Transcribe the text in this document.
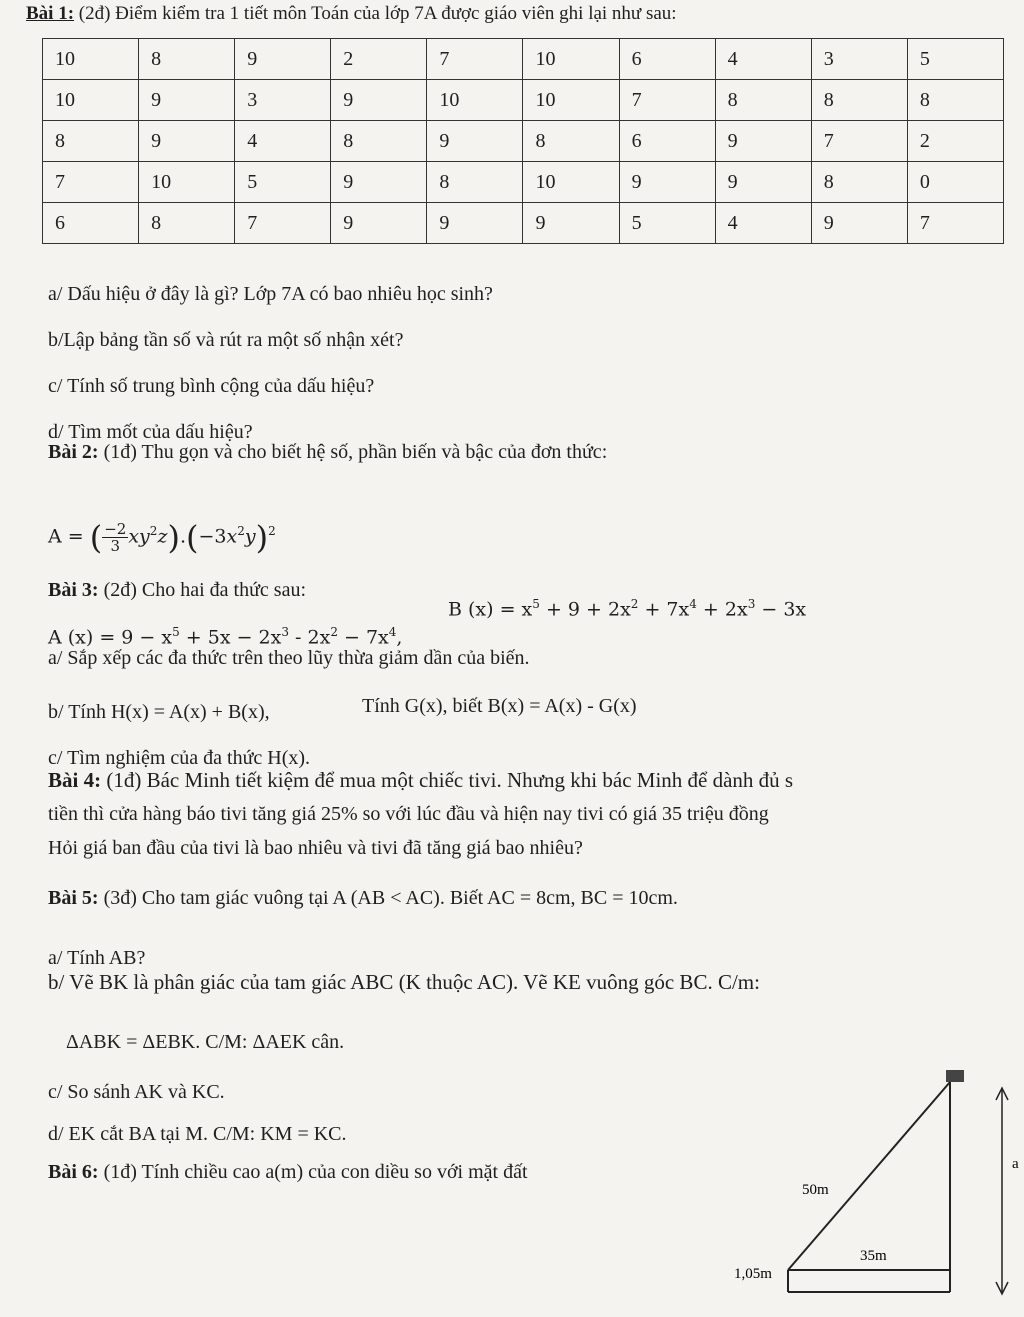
Bài 1: (2đ) Điểm kiểm tra 1 tiết môn Toán của lớp 7A được giáo viên ghi lại như sau:
10	8	9	2	7	10	6	4	3	5
10	9	3	9	10	10	7	8	8	8
8	9	4	8	9	8	6	9	7	2
7	10	5	9	8	10	9	9	8	0
6	8	7	9	9	9	5	4	9	7
a/ Dấu hiệu ở đây là gì? Lớp 7A có bao nhiêu học sinh?
b/Lập bảng tần số và rút ra một số nhận xét?
c/ Tính số trung bình cộng của dấu hiệu?
d/ Tìm mốt của dấu hiệu?
Bài 2: (1đ) Thu gọn và cho biết hệ số, phần biến và bậc của đơn thức:
A = ( $\frac{-2}{3} xy^2z).(-3x^2y)^2$
Bài 3: (2đ) Cho hai đa thức sau:
A $(x) = 9 - x^5 + 5x - 2x^3 - 2x^2 - 7x^4$,
B $(x) = x^5 + 9 + 2x^2 + 7x^4 + 2x^3 - 3x$
a/ Sắp xếp các đa thức trên theo lũy thừa giảm dần của biến.
b/ Tính H(x) = A(x) + B(x),	Tính G(x), biết B(x) = A(x) - G(x)
c/ Tìm nghiệm của đa thức H(x).
Bài 4: (1đ) Bác Minh tiết kiệm để mua một chiếc tivi. Nhưng khi bác Minh để dành đủ s
tiền thì cửa hàng báo tivi tăng giá 25% so với lúc đầu và hiện nay tivi có giá 35 triệu đồng
Hỏi giá ban đầu của tivi là bao nhiêu và tivi đã tăng giá bao nhiêu?
Bài 5: (3đ) Cho tam giác vuông tại A (AB < AC). Biết AC = 8cm, BC = 10cm.
a/ Tính AB?
b/ Vẽ BK là phân giác của tam giác ABC (K thuộc AC). Vẽ KE vuông góc BC. C/m:
ΔABK = ΔEBK. C/M: ΔAEK cân.
c/ So sánh AK và KC.
d/ EK cắt BA tại M. C/M: KM = KC.
Bài 6: (1đ) Tính chiều cao a(m) của con diều so với mặt đất
50m
35m
1,05m
a
